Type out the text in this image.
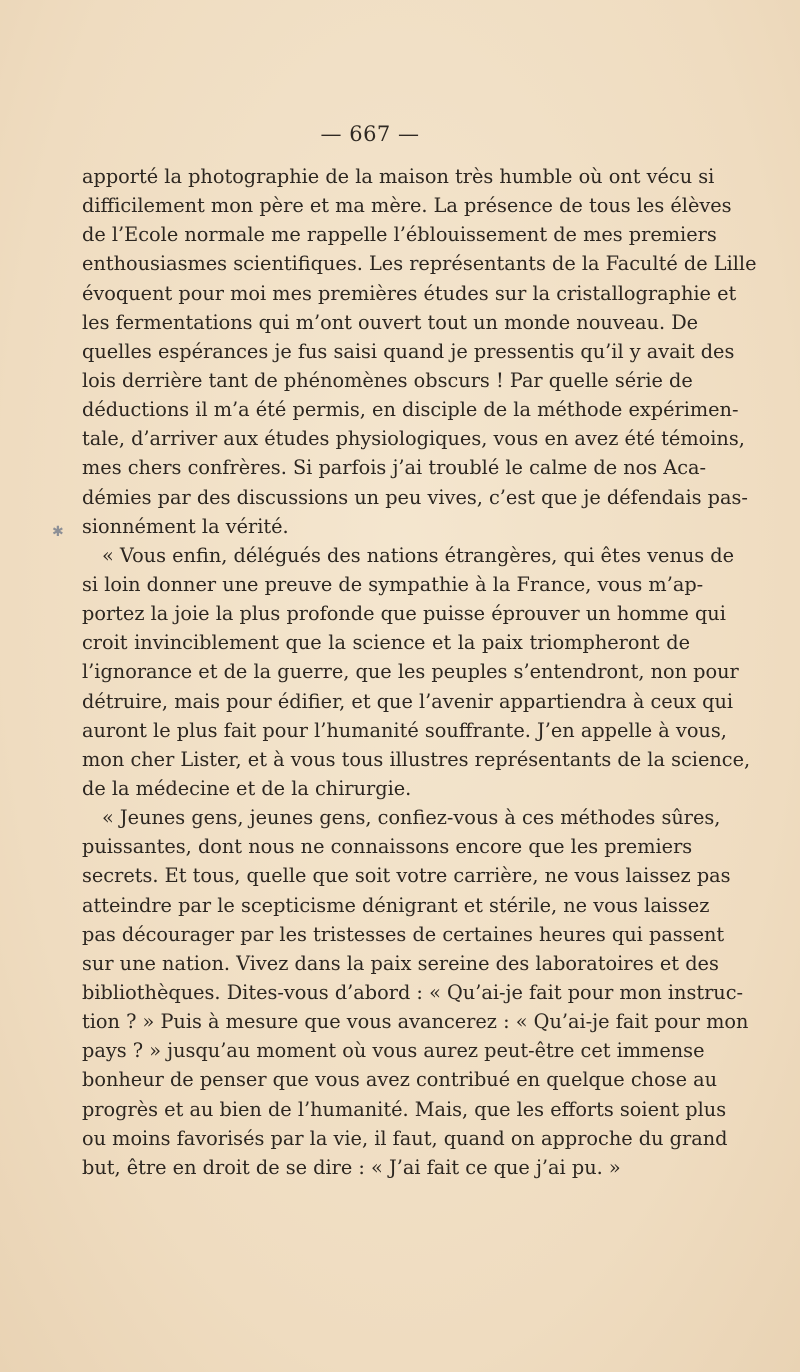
— 667 —
✱
apporté la photographie de la maison très humble où ont vécu si
difficilement mon père et ma mère. La présence de tous les élèves
de l’Ecole normale me rappelle l’éblouissement de mes premiers
enthousiasmes scientifiques. Les représentants de la Faculté de Lille
évoquent pour moi mes premières études sur la cristallographie et
les fermentations qui m’ont ouvert tout un monde nouveau. De
quelles espérances je fus saisi quand je pressentis qu’il y avait des
lois derrière tant de phénomènes obscurs ! Par quelle série de
déductions il m’a été permis, en disciple de la méthode expérimen-
tale, d’arriver aux études physiologiques, vous en avez été témoins,
mes chers confrères. Si parfois j’ai troublé le calme de nos Aca-
démies par des discussions un peu vives, c’est que je défendais pas-
sionnément la vérité.
« Vous enfin, délégués des nations étrangères, qui êtes venus de
si loin donner une preuve de sympathie à la France, vous m’ap-
portez la joie la plus profonde que puisse éprouver un homme qui
croit invinciblement que la science et la paix triompheront de
l’ignorance et de la guerre, que les peuples s’entendront, non pour
détruire, mais pour édifier, et que l’avenir appartiendra à ceux qui
auront le plus fait pour l’humanité souffrante. J’en appelle à vous,
mon cher Lister, et à vous tous illustres représentants de la science,
de la médecine et de la chirurgie.
« Jeunes gens, jeunes gens, confiez-vous à ces méthodes sûres,
puissantes, dont nous ne connaissons encore que les premiers
secrets. Et tous, quelle que soit votre carrière, ne vous laissez pas
atteindre par le scepticisme dénigrant et stérile, ne vous laissez
pas décourager par les tristesses de certaines heures qui passent
sur une nation. Vivez dans la paix sereine des laboratoires et des
bibliothèques. Dites-vous d’abord : « Qu’ai-je fait pour mon instruc-
tion ? » Puis à mesure que vous avancerez : « Qu’ai-je fait pour mon
pays ? » jusqu’au moment où vous aurez peut-être cet immense
bonheur de penser que vous avez contribué en quelque chose au
progrès et au bien de l’humanité. Mais, que les efforts soient plus
ou moins favorisés par la vie, il faut, quand on approche du grand
but, être en droit de se dire : « J’ai fait ce que j’ai pu. »
